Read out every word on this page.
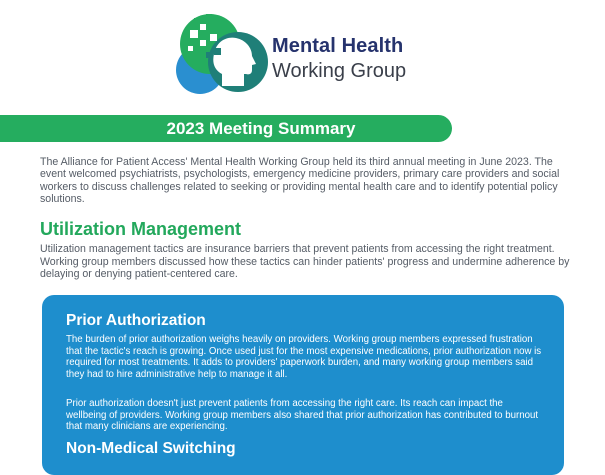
Mental Health
Working Group
2023 Meeting Summary

The Alliance for Patient Access' Mental Health Working Group held its third annual meeting in June 2023. The event welcomed psychiatrists, psychologists, emergency medicine providers, primary care providers and social workers to discuss challenges related to seeking or providing mental health care and to identify potential policy solutions.

Utilization Management

Utilization management tactics are insurance barriers that prevent patients from accessing the right treatment. Working group members discussed how these tactics can hinder patients' progress and undermine adherence by delaying or denying patient-centered care.

Prior Authorization

The burden of prior authorization weighs heavily on providers. Working group members expressed frustration that the tactic's reach is growing. Once used just for the most expensive medications, prior authorization now is required for most treatments. It adds to providers' paperwork burden, and many working group members said they had to hire administrative help to manage it all.

Prior authorization doesn't just prevent patients from accessing the right care. Its reach can impact the wellbeing of providers. Working group members also shared that prior authorization has contributed to burnout that many clinicians are experiencing.

Non-Medical Switching
